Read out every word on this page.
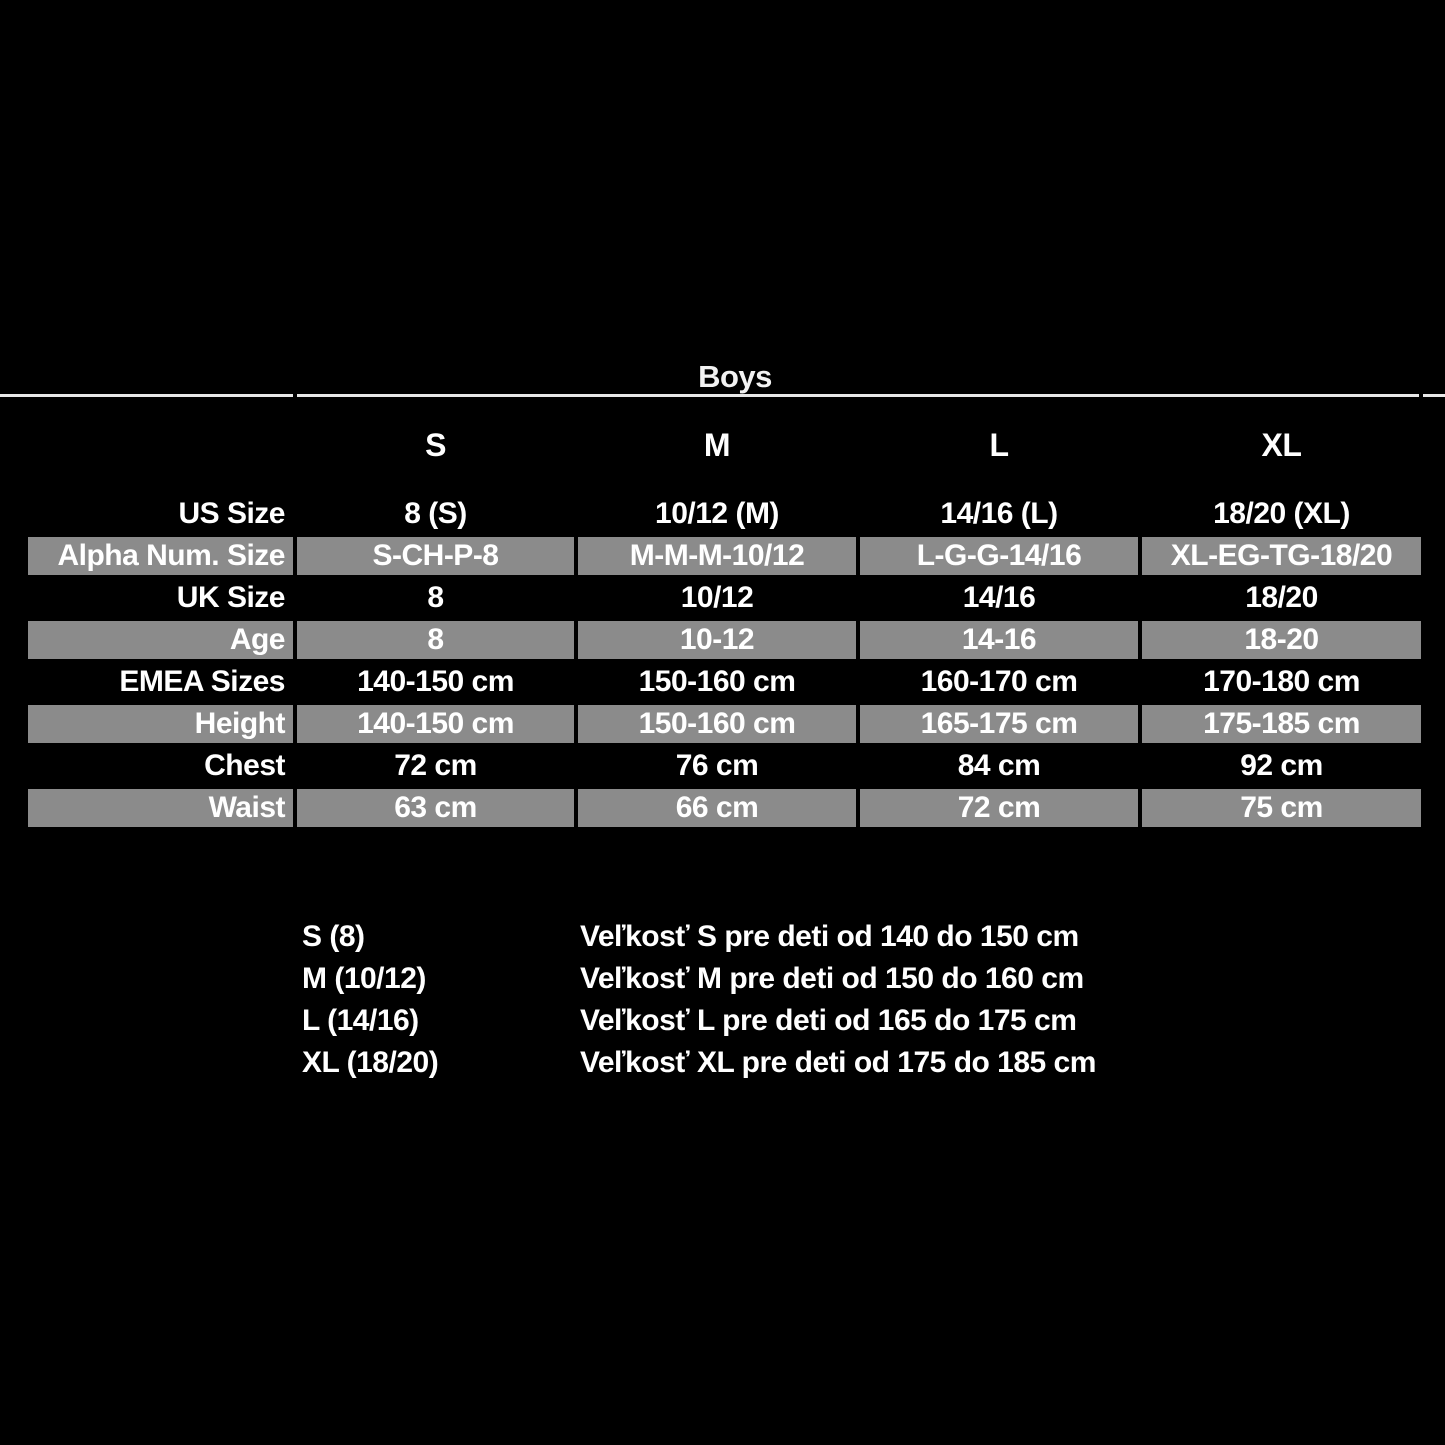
Boys
S	M	L	XL
US Size	8 (S)	10/12 (M)	14/16 (L)	18/20 (XL)
Alpha Num. Size	S-CH-P-8	M-M-M-10/12	L-G-G-14/16	XL-EG-TG-18/20
UK Size	8	10/12	14/16	18/20
Age	8	10-12	14-16	18-20
EMEA Sizes	140-150 cm	150-160 cm	160-170 cm	170-180 cm
Height	140-150 cm	150-160 cm	165-175 cm	175-185 cm
Chest	72 cm	76 cm	84 cm	92 cm
Waist	63 cm	66 cm	72 cm	75 cm
S (8)	Veľkosť S pre deti od 140 do 150 cm
M (10/12)	Veľkosť M pre deti od 150 do 160 cm
L (14/16)	Veľkosť L pre deti od 165 do 175 cm
XL (18/20)	Veľkosť XL pre deti od 175 do 185 cm
